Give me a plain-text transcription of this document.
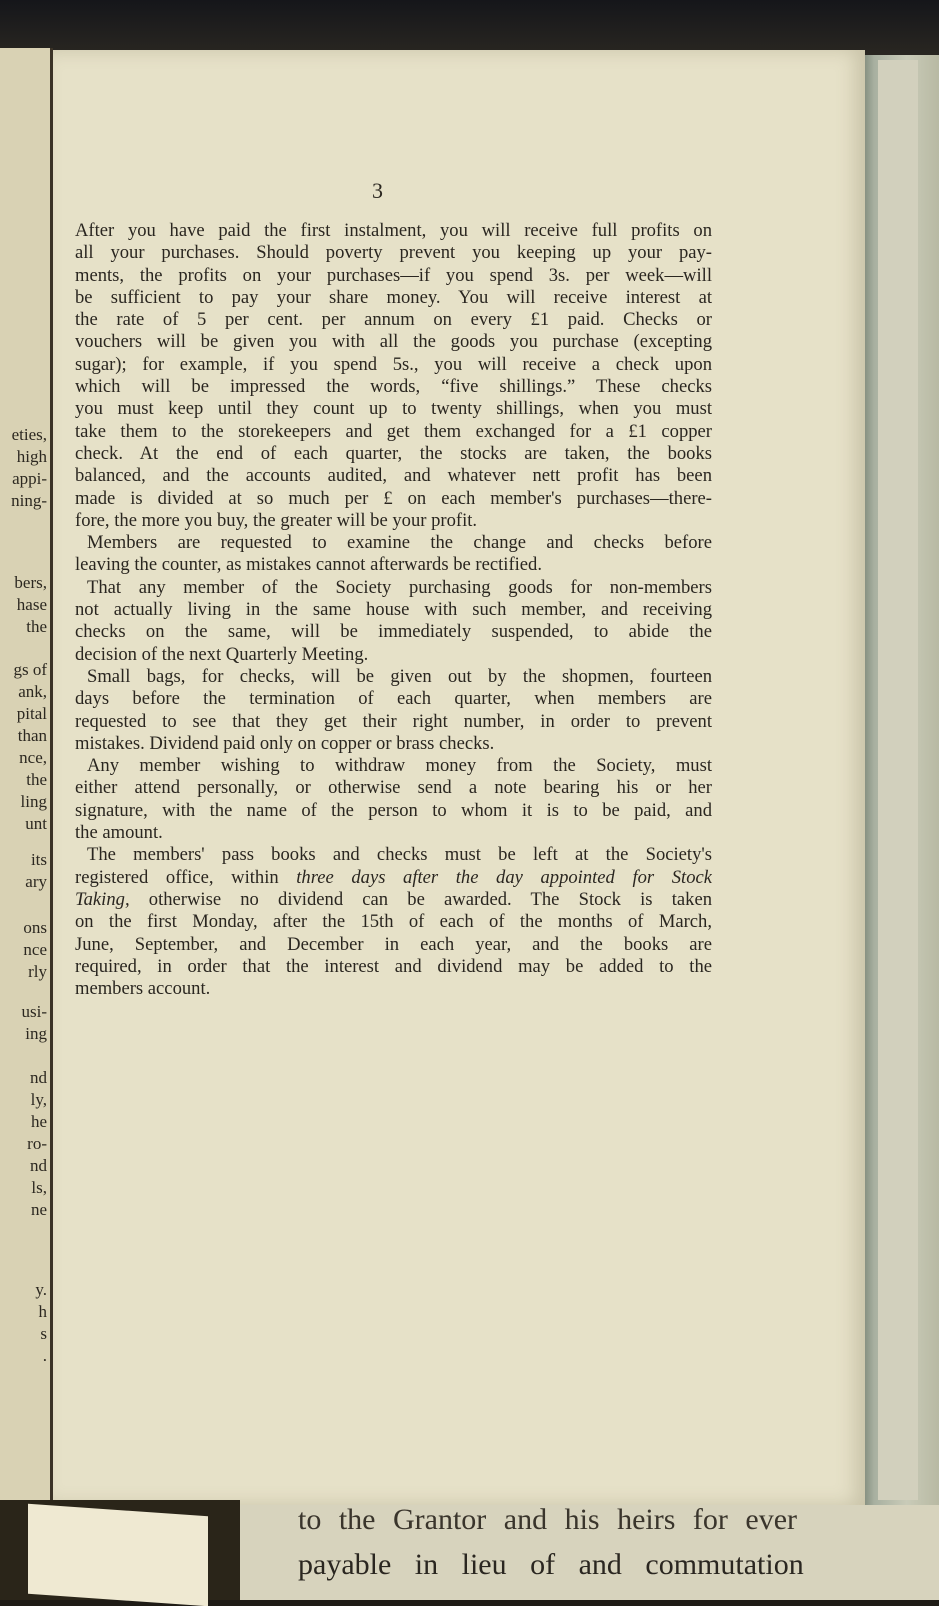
eties,
high
appi-
ning-
bers,
hase
the
gs of
ank,
pital
than
nce,
the
ling
unt
its
ary
ons
nce
rly
usi-
ing
nd
ly,
he
ro-
nd
ls,
ne
y.
h
s
.
3
After you have paid the first instalment, you will receive full profits on
all your purchases. Should poverty prevent you keeping up your pay-
ments, the profits on your purchases—if you spend 3s. per week—will
be sufficient to pay your share money. You will receive interest at
the rate of 5 per cent. per annum on every £1 paid. Checks or
vouchers will be given you with all the goods you purchase (excepting
sugar); for example, if you spend 5s., you will receive a check upon
which will be impressed the words, “five shillings.” These checks
you must keep until they count up to twenty shillings, when you must
take them to the storekeepers and get them exchanged for a £1 copper
check. At the end of each quarter, the stocks are taken, the books
balanced, and the accounts audited, and whatever nett profit has been
made is divided at so much per £ on each member's purchases—there-
fore, the more you buy, the greater will be your profit.
Members are requested to examine the change and checks before
leaving the counter, as mistakes cannot afterwards be rectified.
That any member of the Society purchasing goods for non-members
not actually living in the same house with such member, and receiving
checks on the same, will be immediately suspended, to abide the
decision of the next Quarterly Meeting.
Small bags, for checks, will be given out by the shopmen, fourteen
days before the termination of each quarter, when members are
requested to see that they get their right number, in order to prevent
mistakes. Dividend paid only on copper or brass checks.
Any member wishing to withdraw money from the Society, must
either attend personally, or otherwise send a note bearing his or her
signature, with the name of the person to whom it is to be paid, and
the amount.
The members' pass books and checks must be left at the Society's
registered office, within three days after the day appointed for Stock
Taking, otherwise no dividend can be awarded. The Stock is taken
on the first Monday, after the 15th of each of the months of March,
June, September, and December in each year, and the books are
required, in order that the interest and dividend may be added to the
members account.
to the Grantor and his heirs for ever
payable in lieu of and commutation
